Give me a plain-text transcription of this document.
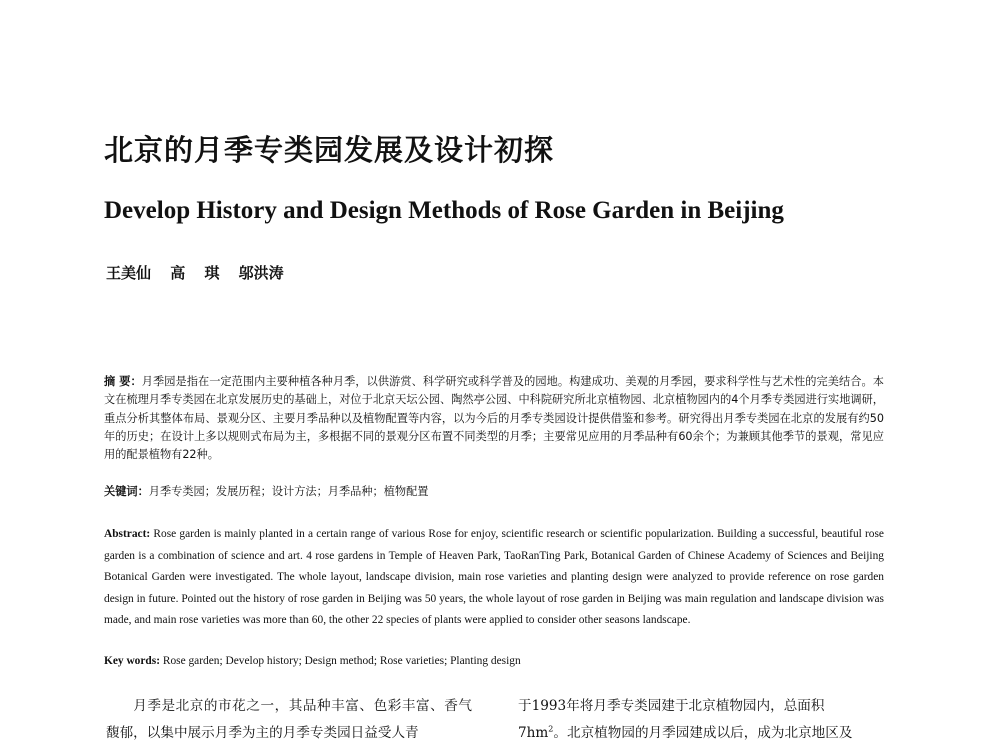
北京的月季专类园发展及设计初探
Develop History and Design Methods of Rose Garden in Beijing
王美仙 高 琪 邬洪涛
摘 要：月季园是指在一定范围内主要种植各种月季，以供游赏、科学研究或科学普及的园地。构建成功、美观的月季园，要求科学性与艺术性的完美结合。本文在梳理月季专类园在北京发展历史的基础上，对位于北京天坛公园、陶然亭公园、中科院研究所北京植物园、北京植物园内的4个月季专类园进行实地调研，重点分析其整体布局、景观分区、主要月季品种以及植物配置等内容，以为今后的月季专类园设计提供借鉴和参考。研究得出月季专类园在北京的发展有约50年的历史；在设计上多以规则式布局为主，多根据不同的景观分区布置不同类型的月季；主要常见应用的月季品种有60余个；为兼顾其他季节的景观，常见应用的配景植物有22种。
关键词：月季专类园；发展历程；设计方法；月季品种；植物配置
Abstract: Rose garden is mainly planted in a certain range of various Rose for enjoy, scientific research or scientific popularization. Building a successful, beautiful rose garden is a combination of science and art. 4 rose gardens in Temple of Heaven Park, TaoRanTing Park, Botanical Garden of Chinese Academy of Sciences and Beijing Botanical Garden were investigated. The whole layout, landscape division, main rose varieties and planting design were analyzed to provide reference on rose garden design in future. Pointed out the history of rose garden in Beijing was 50 years, the whole layout of rose garden in Beijing was main regulation and landscape division was made, and main rose varieties was more than 60, the other 22 species of plants were applied to consider other seasons landscape.
Key words: Rose garden; Develop history; Design method; Rose varieties; Planting design
月季是北京的市花之一，其品种丰富、色彩丰富、香气馥郁，以集中展示月季为主的月季专类园日益受人青
于1993年将月季专类园建于北京植物园内，总面积
$7hm^2$。北京植物园的月季园建成以后，成为北京地区及
